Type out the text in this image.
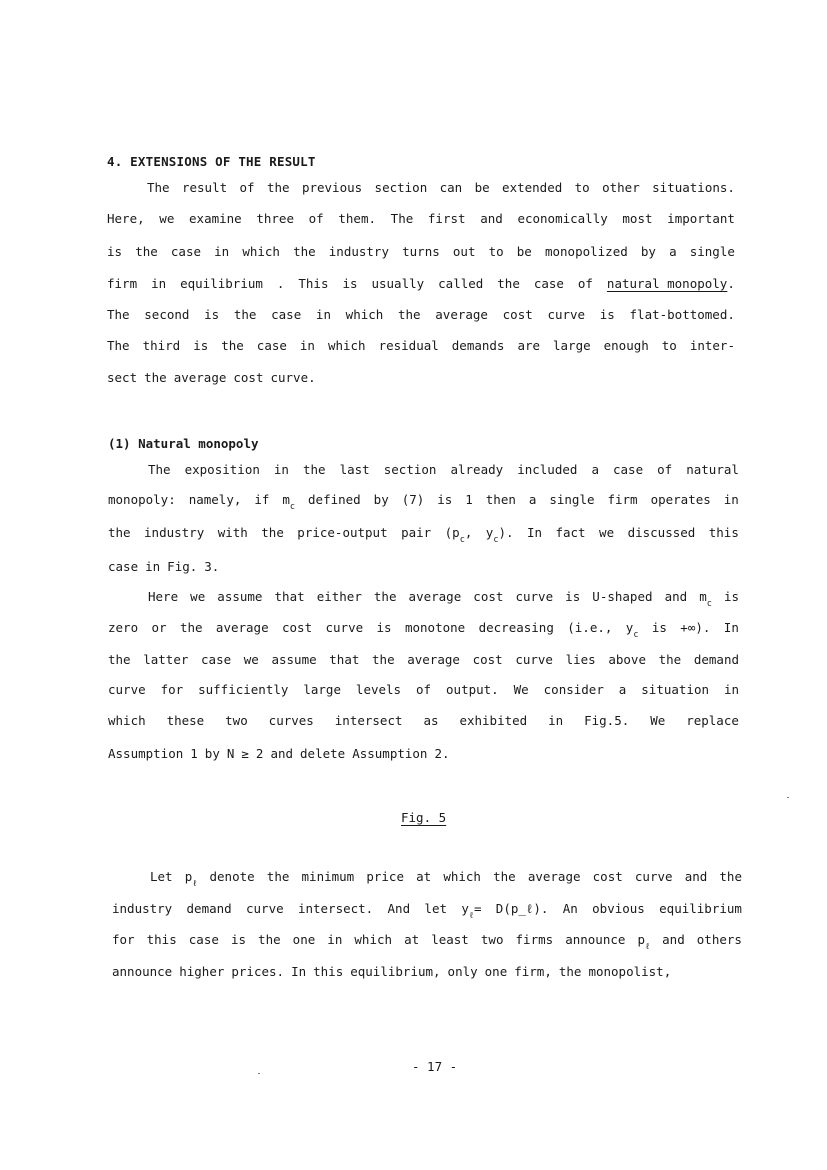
4. EXTENSIONS OF THE RESULT
The result of the previous section can be extended to other situations.
Here, we examine three of them. The first and economically most important
is the case in which the industry turns out to be monopolized by a single
firm in equilibrium . This is usually called the case of natural monopoly.
The second is the case in which the average cost curve is flat-bottomed.
The third is the case in which residual demands are large enough to inter-
sect the average cost curve.
(1) Natural monopoly
The exposition in the last section already included a case of natural
monopoly: namely, if $m_c$ defined by (7) is 1 then a single firm operates in
the industry with the price-output pair ($p_c$, $y_c$). In fact we discussed this
case in Fig. 3.
Here we assume that either the average cost curve is U-shaped and $m_c$ is
zero or the average cost curve is monotone decreasing (i.e., $y_c$ is +∞). In
the latter case we assume that the average cost curve lies above the demand
curve for sufficiently large levels of output. We consider a situation in
which these two curves intersect as exhibited in Fig.5. We replace
Assumption 1 by N ≥ 2 and delete Assumption 2.
Fig. 5
Let $p_\ell$ denote the minimum price at which the average cost curve and the
industry demand curve intersect. And let $y_\ell=$ D(p_ℓ). An obvious equilibrium
for this case is the one in which at least two firms announce $p_\ell$ and others
announce higher prices. In this equilibrium, only one firm, the monopolist,
- 17 -
